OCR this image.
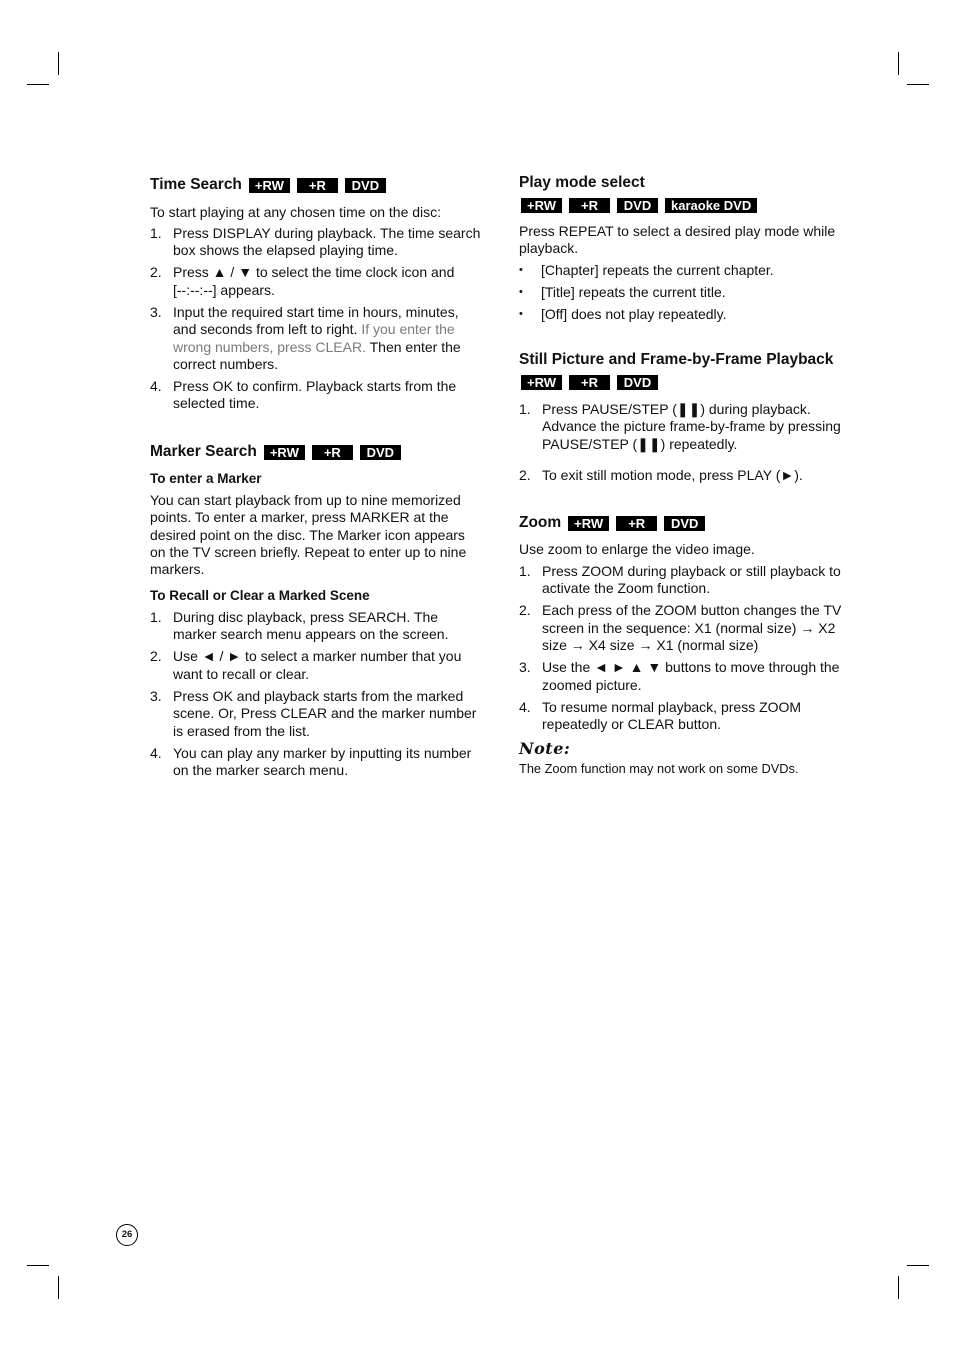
Time Search +RW	+R	DVD
To start playing at any chosen time on the disc:
1. Press DISPLAY during playback. The time search
box shows the elapsed playing time.
2. Press ▲ / ▼ to select the time clock icon and
[--:--:--] appears.
3. Input the required start time in hours, minutes,
and seconds from left to right. If you enter the
wrong numbers, press CLEAR. Then enter the
correct numbers.
4. Press OK to confirm. Playback starts from the
selected time.
Marker Search +RW	+R	DVD
To enter a Marker
You can start playback from up to nine memorized
points. To enter a marker, press MARKER at the
desired point on the disc. The Marker icon appears
on the TV screen briefly. Repeat to enter up to nine
markers.
To Recall or Clear a Marked Scene
1. During disc playback, press SEARCH. The
marker search menu appears on the screen.
2. Use ◄ / ► to select a marker number that you
want to recall or clear.
3. Press OK and playback starts from the marked
scene. Or, Press CLEAR and the marker number
is erased from the list.
4. You can play any marker by inputting its number
on the marker search menu.
Play mode select
+RW	+R	DVD	karaoke DVD
Press REPEAT to select a desired play mode while
playback.
•	[Chapter] repeats the current chapter.
•	[Title] repeats the current title.
•	[Off] does not play repeatedly.
Still Picture and Frame-by-Frame Playback
+RW	+R	DVD
1. Press PAUSE/STEP (❚❚) during playback.
Advance the picture frame-by-frame by pressing
PAUSE/STEP (❚❚) repeatedly.
2. To exit still motion mode, press PLAY (►).
Zoom +RW	+R	DVD
Use zoom to enlarge the video image.
1. Press ZOOM during playback or still playback to
activate the Zoom function.
2. Each press of the ZOOM button changes the TV
screen in the sequence: X1 (normal size) → X2
size → X4 size → X1 (normal size)
3. Use the ◄ ► ▲ ▼ buttons to move through the
zoomed picture.
4. To resume normal playback, press ZOOM
repeatedly or CLEAR button.
Note:
The Zoom function may not work on some DVDs.
26
